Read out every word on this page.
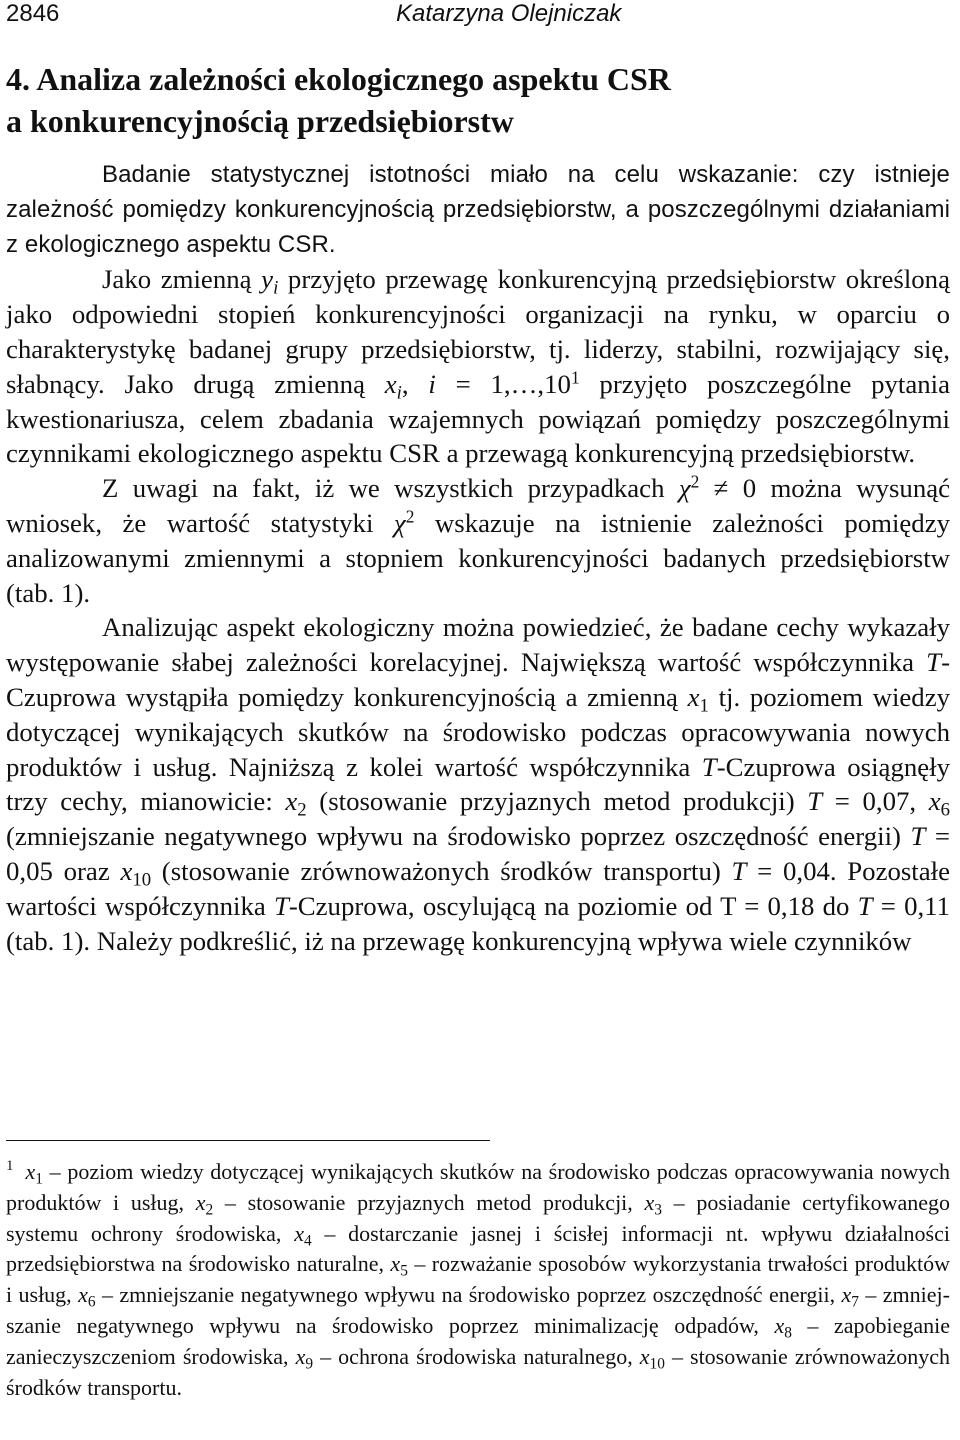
2846	Katarzyna Olejniczak
4. Analiza zależności ekologicznego aspektu CSR
a konkurencyjnością przedsiębiorstw

Badanie statystycznej istotności miało na celu wskazanie: czy istnieje zależność pomiędzy konkurencyjnością przedsiębiorstw, a poszczególnymi działaniami z ekologicznego aspektu CSR.

Jako zmienną $y_i$ przyjęto przewagę konkurencyjną przedsiębiorstw określoną jako odpowiedni stopień konkurencyjności organizacji na rynku, w oparciu o charakterystykę badanej grupy przedsiębiorstw, tj. liderzy, stabilni, rozwijający się, słabnący. Jako drugą zmienną $x_i$, $i = 1,\dots,10^1$ przyjęto poszczególne pytania kwestionariusza, celem zbadania wzajemnych powiązań pomiędzy poszczególnymi czynnikami ekologicznego aspektu CSR a przewagą konkurencyjną przedsiębiorstw.

Z uwagi na fakt, iż we wszystkich przypadkach $\chi^2 \ne 0$ można wysunąć wniosek, że wartość statystyki $\chi^2$ wskazuje na istnienie zależności pomiędzy analizowanymi zmiennymi a stopniem konkurencyjności badanych przedsiębiorstw (tab. 1).

Analizując aspekt ekologiczny można powiedzieć, że badane cechy wykazały występowanie słabej zależności korelacyjnej. Największą wartość współczynnika T-Czuprowa wystąpiła pomiędzy konkurencyjnością a zmienną $x_1$ tj. poziomem wiedzy dotyczącej wynikających skutków na środowisko podczas opracowywania nowych produktów i usług. Najniższą z kolei wartość współczynnika T-Czuprowa osiągnęły trzy cechy, mianowicie: $x_2$ (stosowanie przyjaznych metod produkcji) T = 0,07, $x_6$ (zmniejszanie negatywnego wpływu na środowisko poprzez oszczędność energii) T = 0,05 oraz $x_{10}$ (stosowanie zrównoważonych środków transportu) T = 0,04. Pozostałe wartości współczynnika T-Czuprowa, oscylującą na poziomie od T = 0,18 do T = 0,11 (tab. 1). Należy podkreślić, iż na przewagę konkurencyjną wpływa wiele czynników

$^1$ $x_1$ – poziom wiedzy dotyczącej wynikających skutków na środowisko podczas opracowywania nowych produktów i usług, $x_2$ – stosowanie przyjaznych metod produkcji, $x_3$ – posiadanie certyfikowanego systemu ochrony środowiska, $x_4$ – dostarczanie jasnej i ścisłej informacji nt. wpływu działalności przedsiębiorstwa na środowisko naturalne, $x_5$ – rozważanie sposobów wykorzystania trwałości produktów i usług, $x_6$ – zmniejszanie negatywnego wpływu na środowisko poprzez oszczędność energii, $x_7$ – zmniejszanie negatywnego wpływu na środowisko poprzez minimalizację odpadów, $x_8$ – zapobieganie zanieczyszczeniom środowiska, $x_9$ – ochrona środowiska naturalnego, $x_{10}$ – stosowanie zrównoważonych środków transportu.
